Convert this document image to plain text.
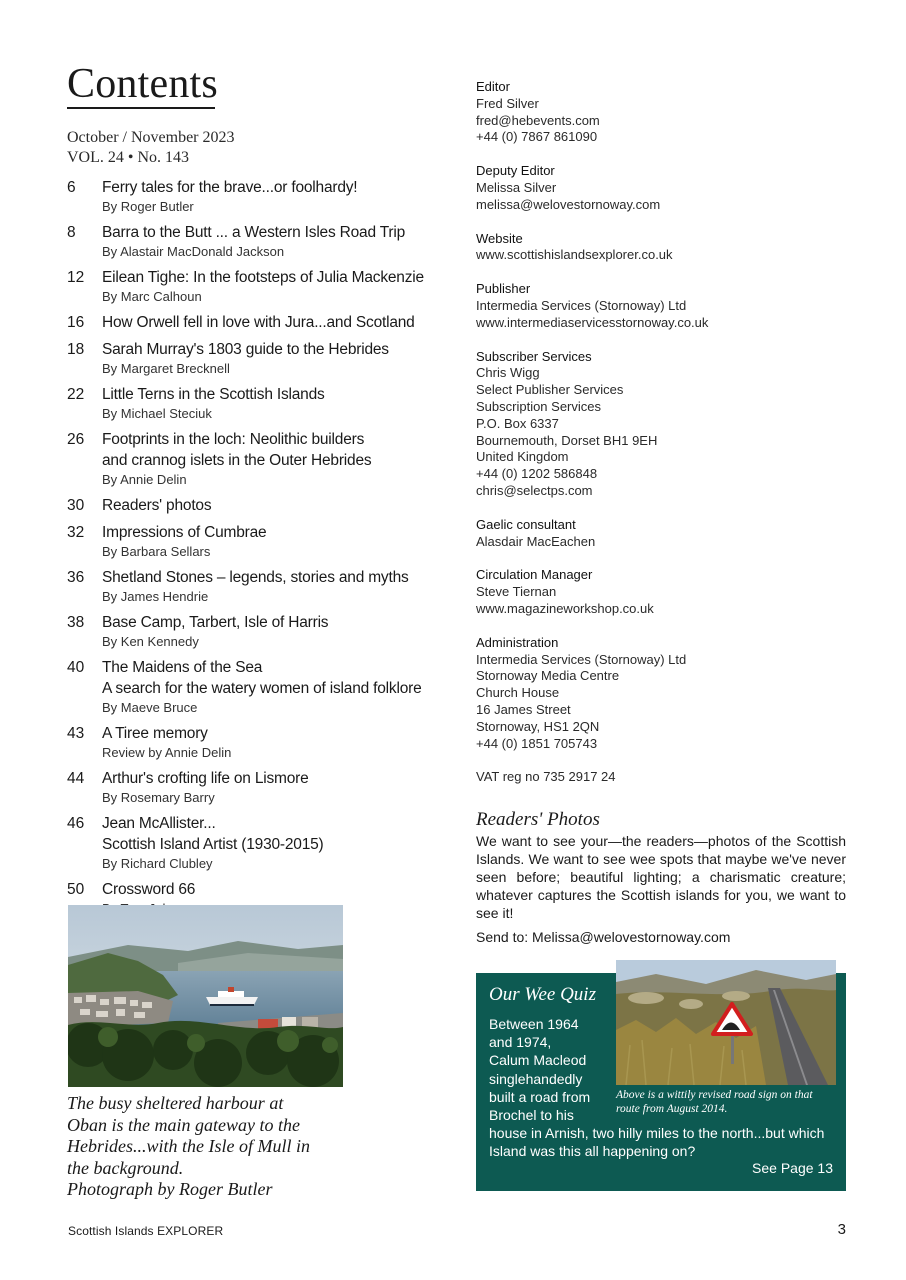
Contents
October / November 2023
VOL. 24 • No. 143
6 Ferry tales for the brave...or foolhardy!
By Roger Butler
8 Barra to the Butt ... a Western Isles Road Trip
By Alastair MacDonald Jackson
12 Eilean Tighe: In the footsteps of Julia Mackenzie
By Marc Calhoun
16 How Orwell fell in love with Jura...and Scotland
18 Sarah Murray's 1803 guide to the Hebrides
By Margaret Brecknell
22 Little Terns in the Scottish Islands
By Michael Steciuk
26 Footprints in the loch: Neolithic builders
and crannog islets in the Outer Hebrides
By Annie Delin
30 Readers' photos
32 Impressions of Cumbrae
By Barbara Sellars
36 Shetland Stones – legends, stories and myths
By James Hendrie
38 Base Camp, Tarbert, Isle of Harris
By Ken Kennedy
40 The Maidens of the Sea
A search for the watery women of island folklore
By Maeve Bruce
43 A Tiree memory
Review by Annie Delin
44 Arthur's crofting life on Lismore
By Rosemary Barry
46 Jean McAllister...
Scottish Island Artist (1930-2015)
By Richard Clubley
50 Crossword 66
The busy sheltered harbour at
Oban is the main gateway to the
Hebrides...with the Isle of Mull in
the background.
Photograph by Roger Butler
Scottish Islands EXPLORER	3
Editor
Fred Silver
fred@hebevents.com
+44 (0) 7867 861090
Deputy Editor
Melissa Silver
melissa@welovestornoway.com
Website
www.scottishislandsexplorer.co.uk
Publisher
Intermedia Services (Stornoway) Ltd
www.intermediaservicesstornoway.co.uk
Subscriber Services
Chris Wigg
Select Publisher Services
Subscription Services
P.O. Box 6337
Bournemouth, Dorset BH1 9EH
United Kingdom
+44 (0) 1202 586848
chris@selectps.com
Gaelic consultant
Alasdair MacEachen
Circulation Manager
Steve Tiernan
www.magazineworkshop.co.uk
Administration
Intermedia Services (Stornoway) Ltd
Stornoway Media Centre
Church House
16 James Street
Stornoway, HS1 2QN
+44 (0) 1851 705743
VAT reg no 735 2917 24
Readers' Photos

We want to see your—the readers—photos of the Scottish Islands. We want to see wee spots that maybe we've never seen before; beautiful lighting; a charismatic creature; whatever captures the Scottish islands for you, we want to see it!

Send to: Melissa@welovestornoway.com
Our Wee Quiz
Between 1964
and 1974,
Calum Macleod
singlehandedly
built a road from
Brochel to his
house in Arnish, two hilly miles to the north...but which Island was this all happening on?
Above is a wittily revised road sign on that route from August 2014.
See Page 13
